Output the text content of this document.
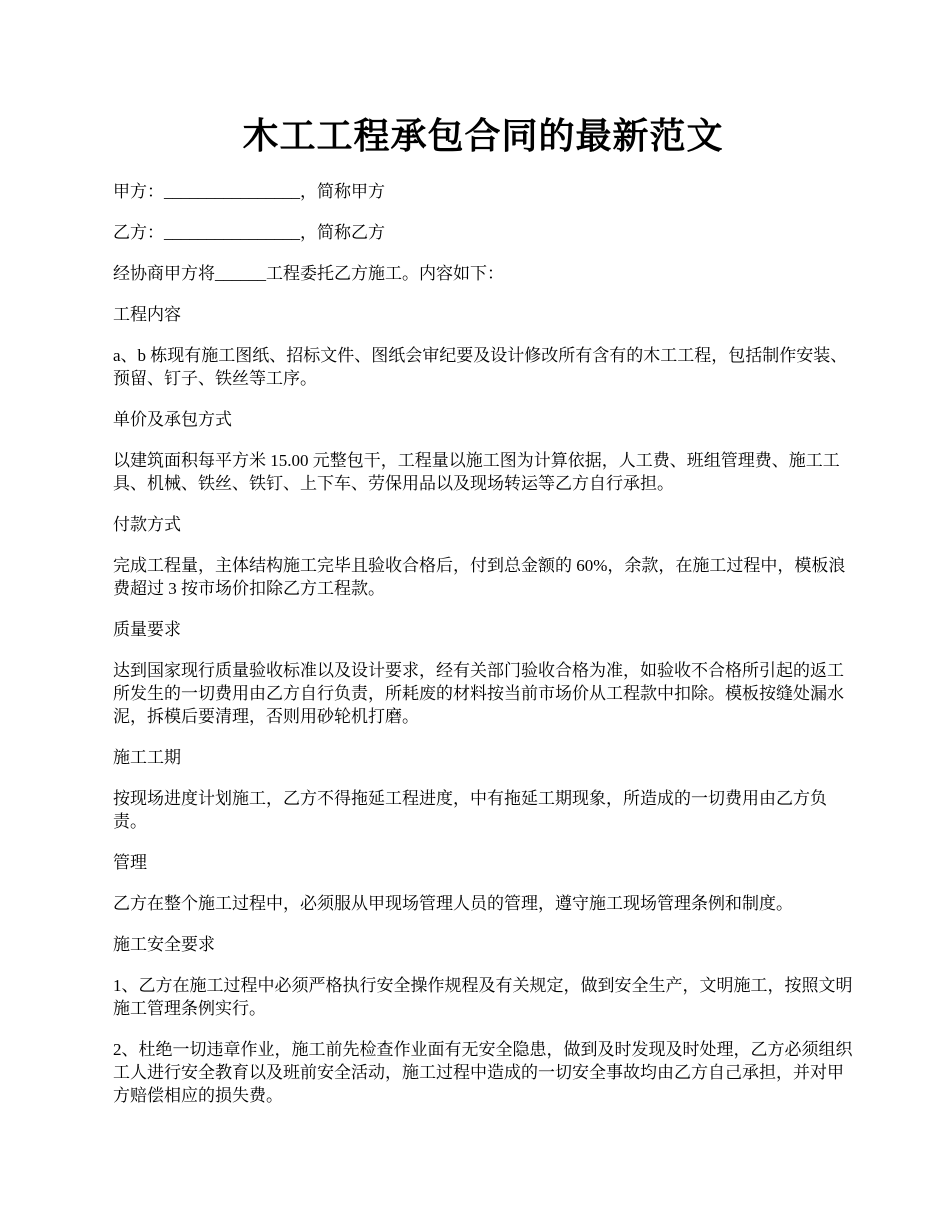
木工工程承包合同的最新范文

甲方：________________，简称甲方

乙方：________________，简称乙方

经协商甲方将______工程委托乙方施工。内容如下：

工程内容

a、b 栋现有施工图纸、招标文件、图纸会审纪要及设计修改所有含有的木工工程，包括制作安装、预留、钉子、铁丝等工序。

单价及承包方式

以建筑面积每平方米 15.00 元整包干，工程量以施工图为计算依据，人工费、班组管理费、施工工具、机械、铁丝、铁钉、上下车、劳保用品以及现场转运等乙方自行承担。

付款方式

完成工程量，主体结构施工完毕且验收合格后，付到总金额的 60%，余款，在施工过程中，模板浪费超过 3 按市场价扣除乙方工程款。

质量要求

达到国家现行质量验收标准以及设计要求，经有关部门验收合格为准，如验收不合格所引起的返工所发生的一切费用由乙方自行负责，所耗废的材料按当前市场价从工程款中扣除。模板按缝处漏水泥，拆模后要清理，否则用砂轮机打磨。

施工工期

按现场进度计划施工，乙方不得拖延工程进度，中有拖延工期现象，所造成的一切费用由乙方负责。

管理

乙方在整个施工过程中，必须服从甲现场管理人员的管理，遵守施工现场管理条例和制度。

施工安全要求

1、乙方在施工过程中必须严格执行安全操作规程及有关规定，做到安全生产，文明施工，按照文明施工管理条例实行。

2、杜绝一切违章作业，施工前先检查作业面有无安全隐患，做到及时发现及时处理，乙方必须组织工人进行安全教育以及班前安全活动，施工过程中造成的一切安全事故均由乙方自己承担，并对甲方赔偿相应的损失费。
